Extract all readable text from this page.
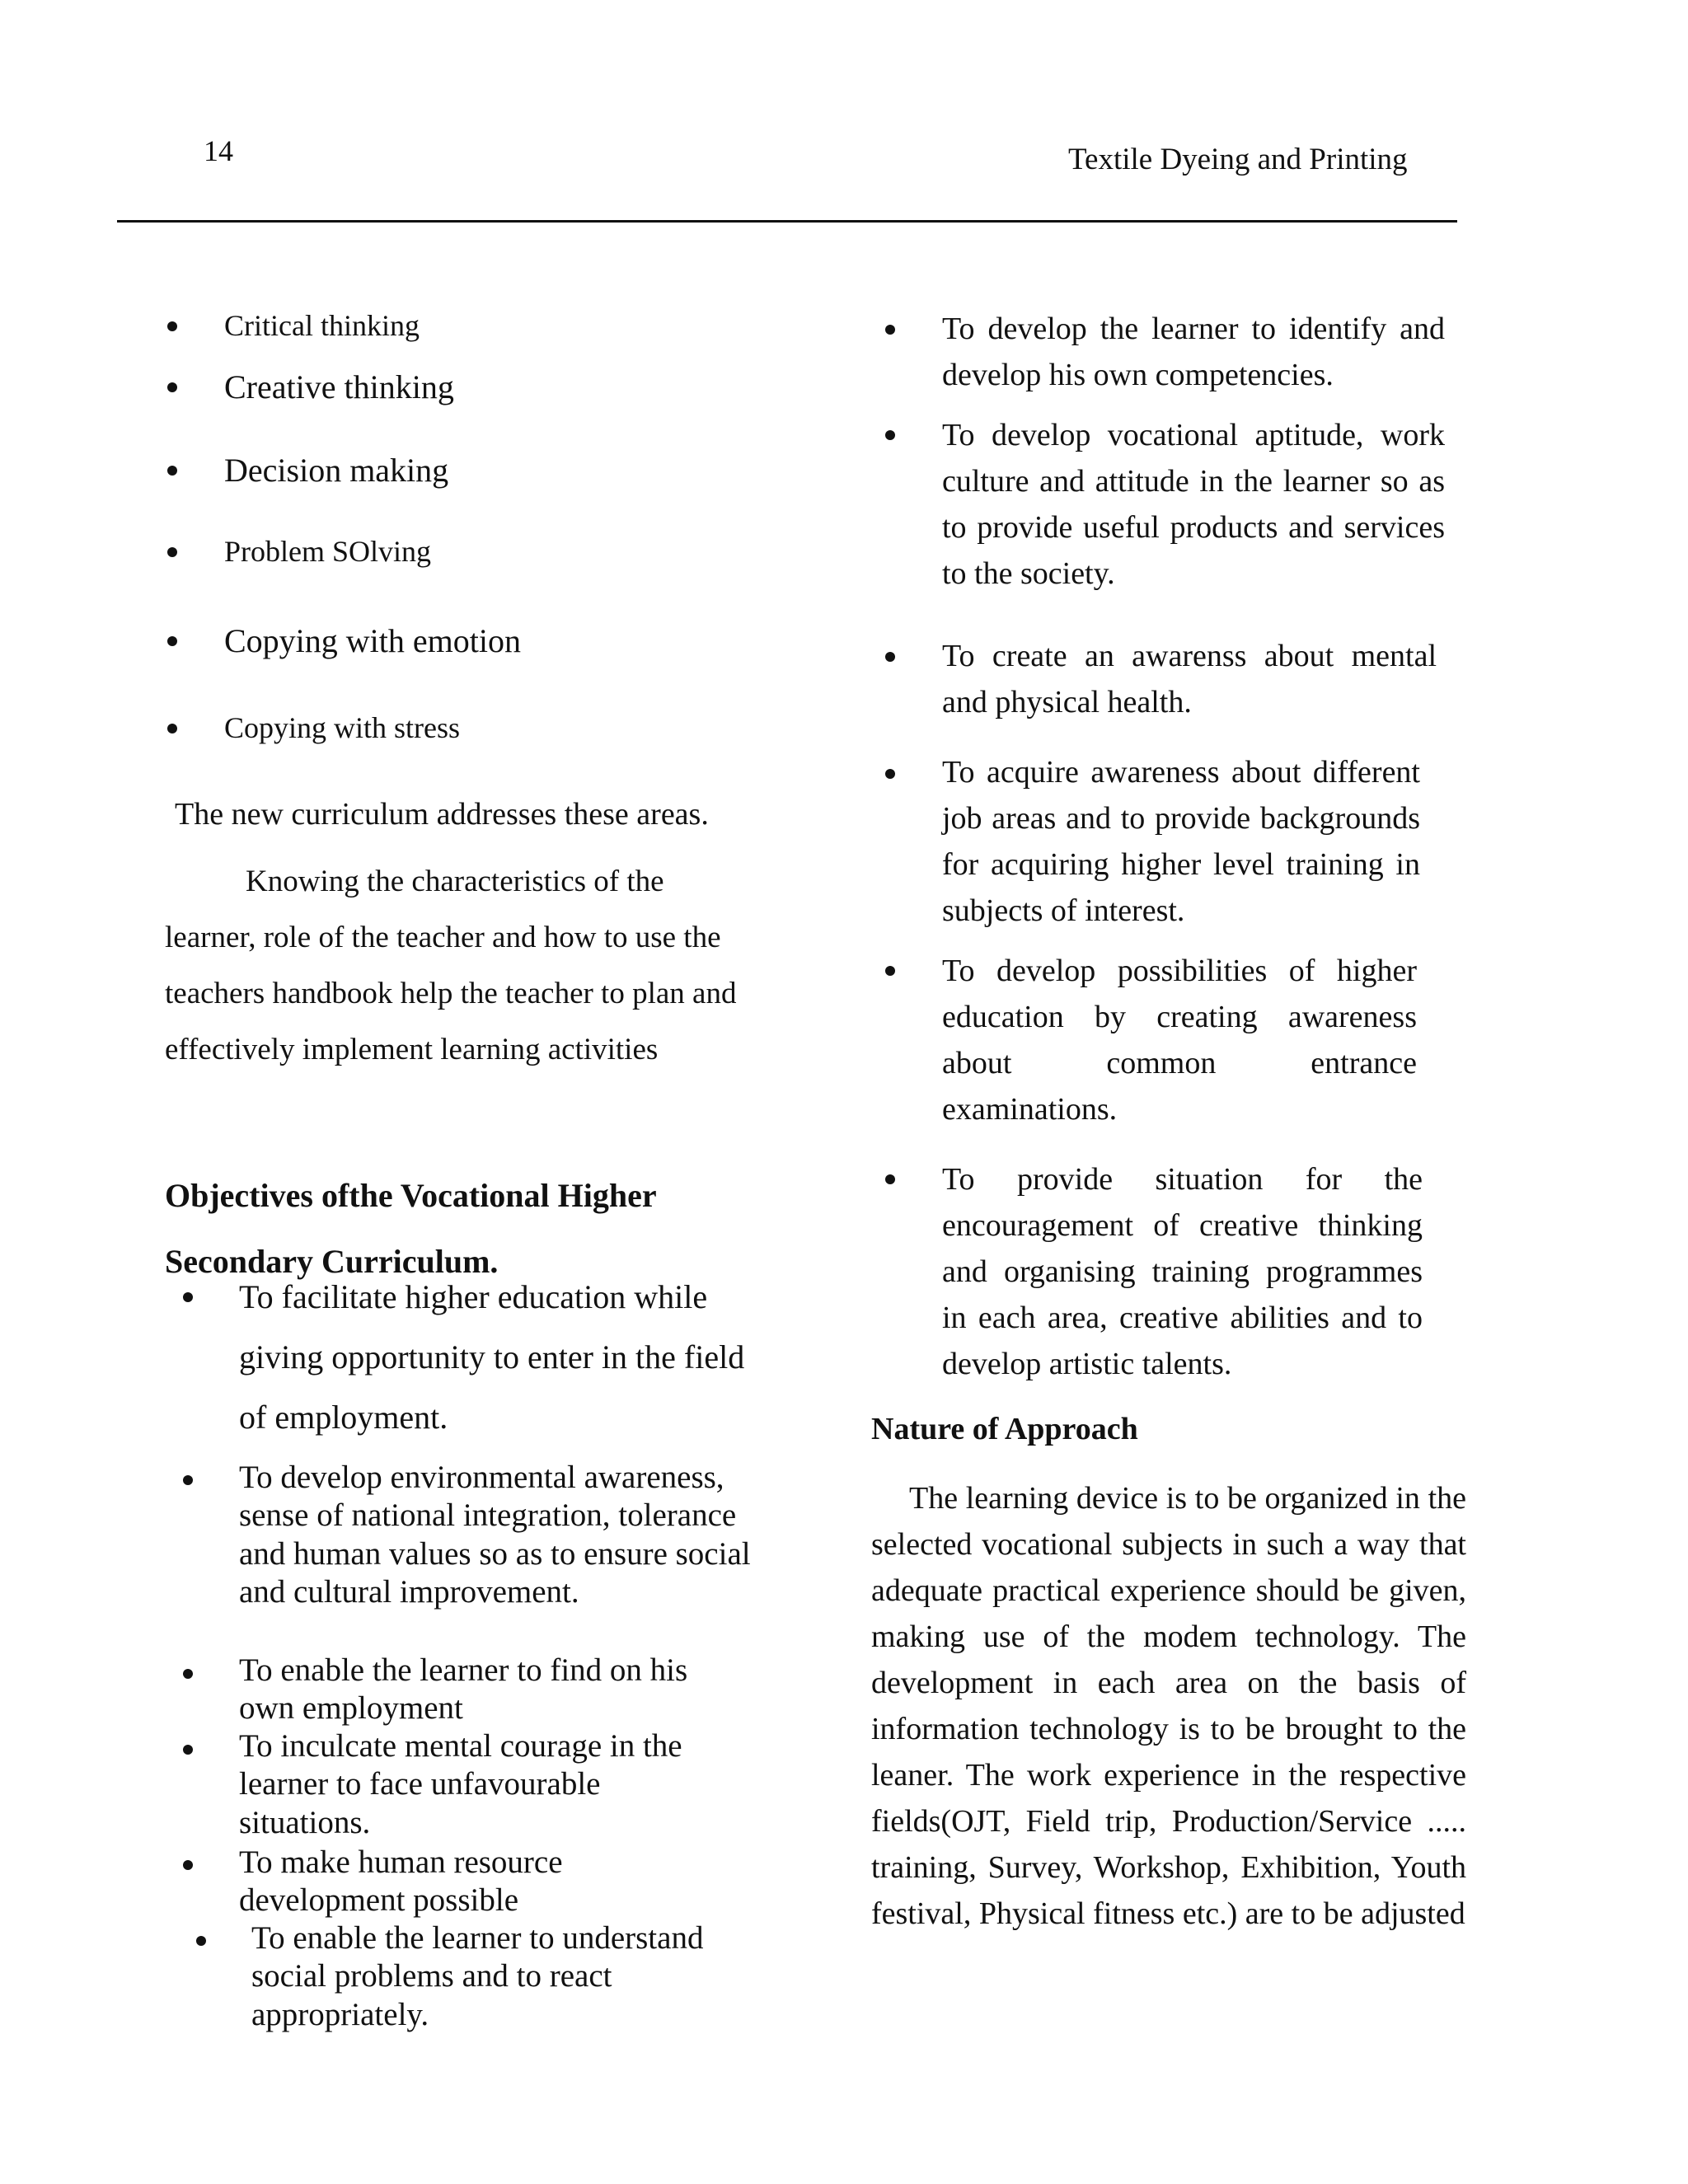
14	Textile Dyeing and Printing
Critical thinking
Creative thinking
Decision making
Problem SOlving
Copying with emotion
Copying with stress
The new curriculum addresses these areas.
Knowing the characteristics of the learner, role of the teacher and how to use the teachers handbook help the teacher to plan and effectively implement learning activities
Objectives ofthe Vocational Higher Secondary Curriculum.
To facilitate higher education while giving opportunity to enter in the field of employment.
To develop environmental awareness, sense of national integration, tolerance and human values so as to ensure social and cultural improvement.
To enable the learner to find on his own employment
To inculcate mental courage in the learner to face unfavourable situations.
To make human resource development possible
To enable the learner to understand social problems and to react appropriately.
To develop the learner to identify and develop his own competencies.
To develop vocational aptitude, work culture and attitude in the learner so as to provide useful products and services to the society.
To create an awarenss about mental and physical health.
To acquire awareness about different job areas and to provide backgrounds for acquiring higher level training in subjects of interest.
To develop possibilities of higher education by creating awareness about common entrance examinations.
To provide situation for the encouragement of creative thinking and organising training programmes in each area, creative abilities and to develop artistic talents.
Nature of Approach
The learning device is to be organized in the selected vocational subjects in such a way that adequate practical experience should be given, making use of the modem technology. The development in each area on the basis of information technology is to be brought to the leaner. The work experience in the respective fields(OJT, Field trip, Production/Service ..... training, Survey, Workshop, Exhibition, Youth festival, Physical fitness etc.) are to be adjusted
